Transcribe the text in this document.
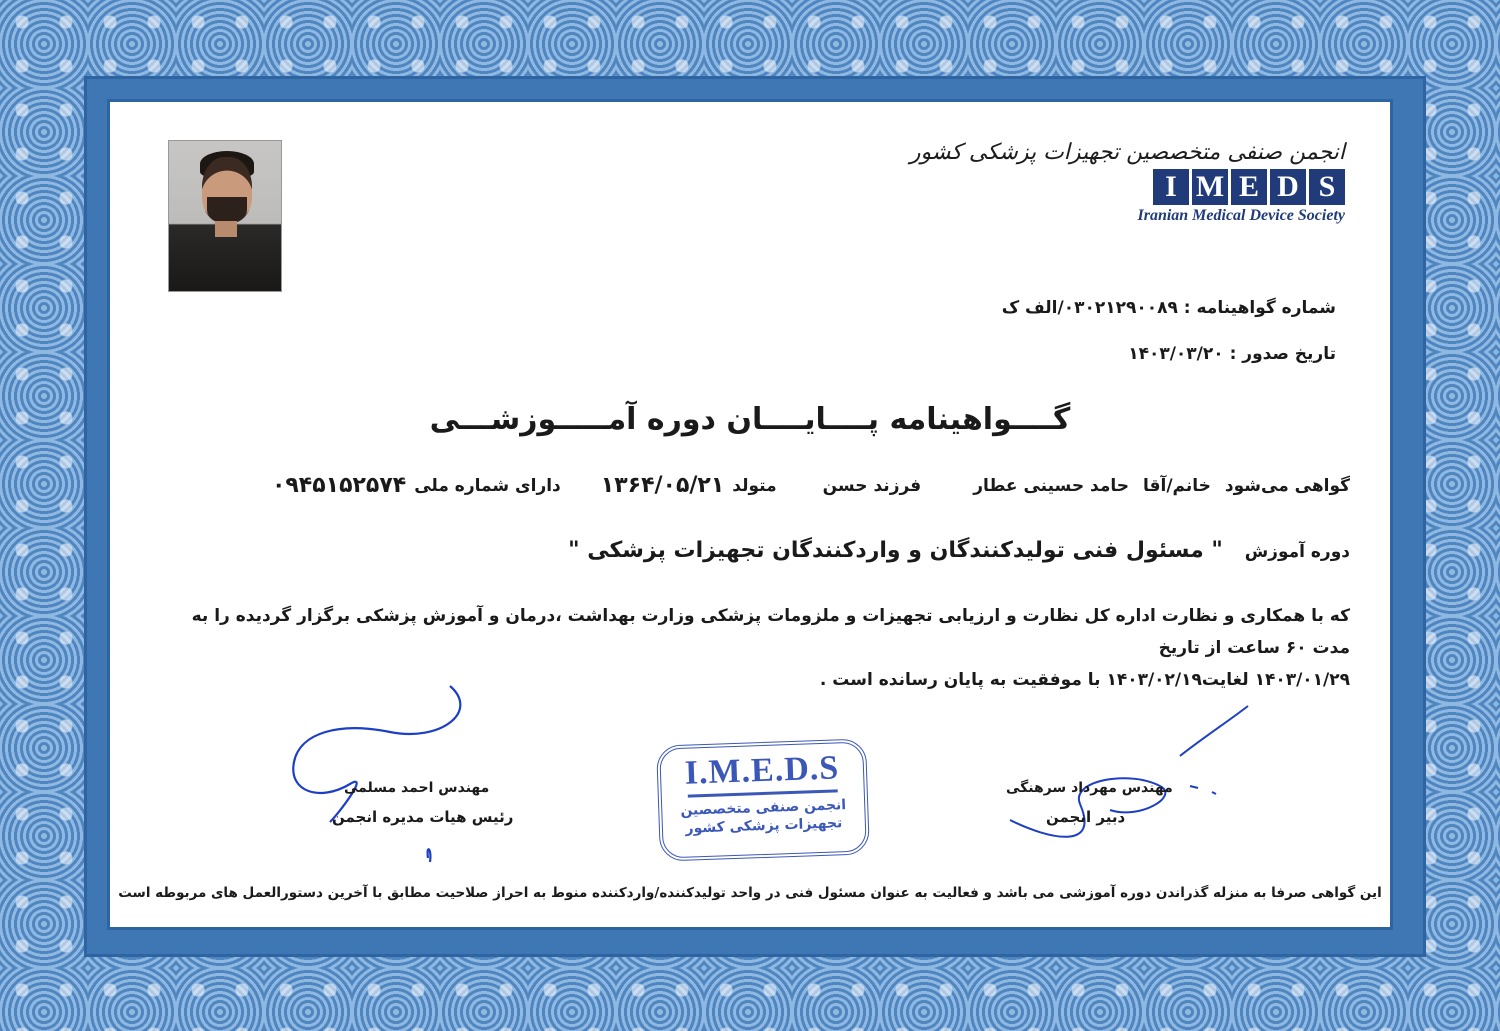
انجمن صنفی متخصصین تجهیزات پزشکی کشور
I M E D S
Iranian Medical Device Society
شماره گواهینامه : ۰۳۰۲۱۲۹۰۰۸۹/الف ک
تاریخ صدور : ۱۴۰۳/۰۳/۲۰
گــــواهینامه پــــایــــان دوره آمـــــوزشـــی
گواهی می‌شود
خانم/آقا
حامد حسینی عطار
فرزند
حسن
متولد
۱۳۶۴/۰۵/۲۱
دارای شماره ملی
۰۹۴۵۱۵۲۵۷۴
دوره آموزش  " مسئول فنی تولیدکنندگان و واردکنندگان تجهیزات پزشکی "
که با همکاری و نظارت اداره کل نظارت و ارزیابی تجهیزات و ملزومات پزشکی وزارت بهداشت ،درمان و آموزش پزشکی برگزار گردیده را به مدت ۶۰ ساعت از تاریخ
۱۴۰۳/۰۱/۲۹ لغایت۱۴۰۳/۰۲/۱۹ با موفقیت به پایان رسانده است .
مهندس احمد مسلمی
رئیس هیات مدیره انجمن
مهندس مهرداد سرهنگی
دبیر انجمن
I.M.E.D.S
انجمن صنفی متخصصین
تجهیزات پزشکی کشور
این گواهی صرفا به منزله گذراندن دوره آموزشی می باشد و فعالیت به عنوان مسئول فنی در واحد تولیدکننده/واردکننده منوط به احراز صلاحیت مطابق با آخرین دستورالعمل های مربوطه است
